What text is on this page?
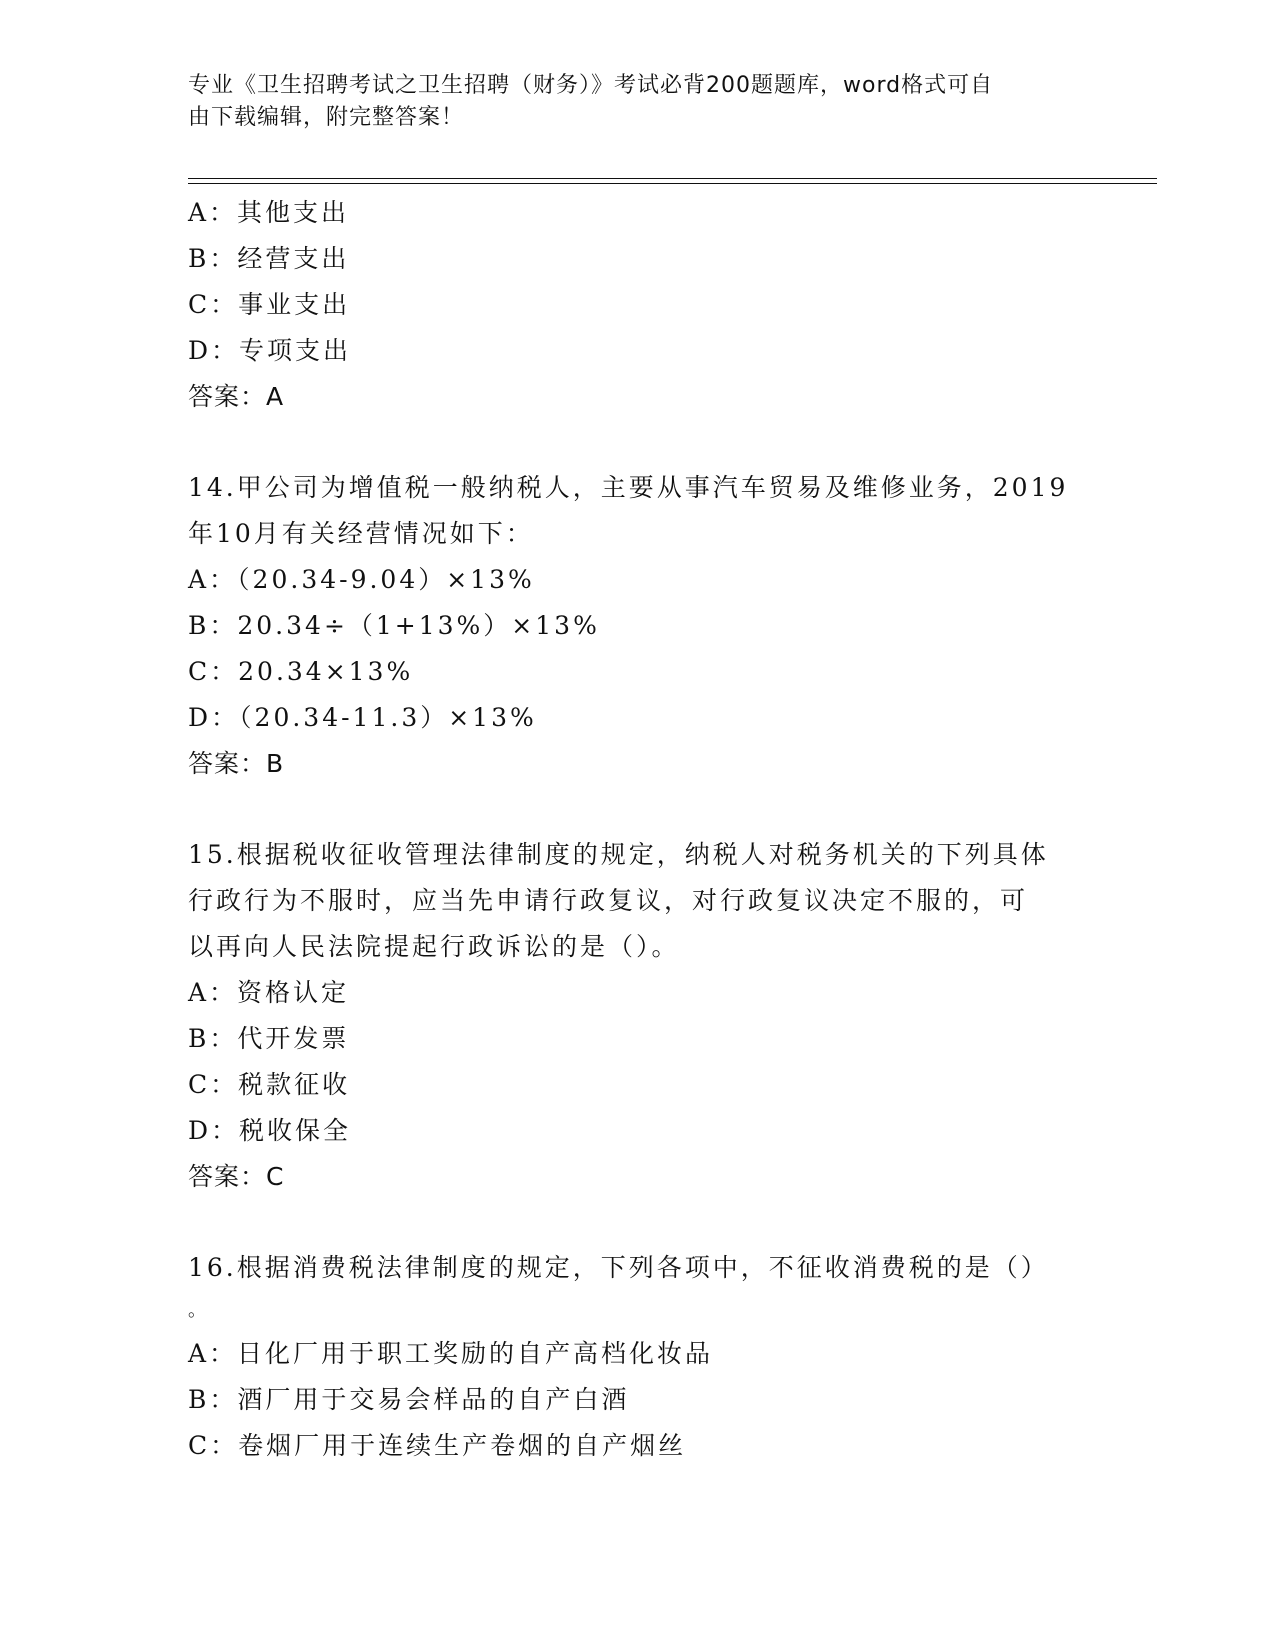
专业《卫生招聘考试之卫生招聘（财务）》考试必背200题题库，word格式可自
由下载编辑，附完整答案！
A：其他支出
B：经营支出
C：事业支出
D：专项支出
答案：A
14.甲公司为增值税一般纳税人，主要从事汽车贸易及维修业务，2019
年10月有关经营情况如下：
A：（20.34-9.04）×13%
B：20.34÷（1+13%）×13%
C：20.34×13%
D：（20.34-11.3）×13%
答案：B
15.根据税收征收管理法律制度的规定，纳税人对税务机关的下列具体
行政行为不服时，应当先申请行政复议，对行政复议决定不服的，可
以再向人民法院提起行政诉讼的是（）。
A：资格认定
B：代开发票
C：税款征收
D：税收保全
答案：C
16.根据消费税法律制度的规定，下列各项中，不征收消费税的是（）
。
A：日化厂用于职工奖励的自产高档化妆品
B：酒厂用于交易会样品的自产白酒
C：卷烟厂用于连续生产卷烟的自产烟丝
